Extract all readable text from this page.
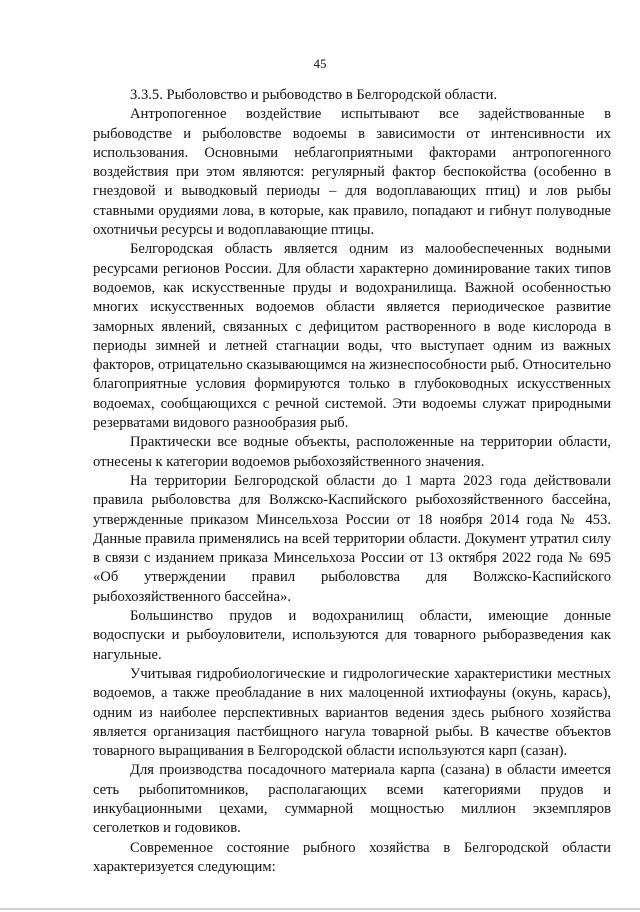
45

3.3.5. Рыболовство и рыбоводство в Белгородской области.

Антропогенное воздействие испытывают все задействованные в рыбоводстве и рыболовстве водоемы в зависимости от интенсивности их использования. Основными неблагоприятными факторами антропогенного воздействия при этом являются: регулярный фактор беспокойства (особенно в гнездовой и выводковый периоды – для водоплавающих птиц) и лов рыбы ставными орудиями лова, в которые, как правило, попадают и гибнут полуводные охотничьи ресурсы и водоплавающие птицы.

Белгородская область является одним из малообеспеченных водными ресурсами регионов России. Для области характерно доминирование таких типов водоемов, как искусственные пруды и водохранилища. Важной особенностью многих искусственных водоемов области является периодическое развитие заморных явлений, связанных с дефицитом растворенного в воде кислорода в периоды зимней и летней стагнации воды, что выступает одним из важных факторов, отрицательно сказывающимся на жизнеспособности рыб. Относительно благоприятные условия формируются только в глубоководных искусственных водоемах, сообщающихся с речной системой. Эти водоемы служат природными резерватами видового разнообразия рыб.

Практически все водные объекты, расположенные на территории области, отнесены к категории водоемов рыбохозяйственного значения.

На территории Белгородской области до 1 марта 2023 года действовали правила рыболовства для Волжско-Каспийского рыбохозяйственного бассейна, утвержденные приказом Минсельхоза России от 18 ноября 2014 года № 453. Данные правила применялись на всей территории области. Документ утратил силу в связи с изданием приказа Минсельхоза России от 13 октября 2022 года № 695 «Об утверждении правил рыболовства для Волжско-Каспийского рыбохозяйственного бассейна».

Большинство прудов и водохранилищ области, имеющие донные водоспуски и рыбоуловители, используются для товарного рыборазведения как нагульные.

Учитывая гидробиологические и гидрологические характеристики местных водоемов, а также преобладание в них малоценной ихтиофауны (окунь, карась), одним из наиболее перспективных вариантов ведения здесь рыбного хозяйства является организация пастбищного нагула товарной рыбы. В качестве объектов товарного выращивания в Белгородской области используются карп (сазан).

Для производства посадочного материала карпа (сазана) в области имеется сеть рыбопитомников, располагающих всеми категориями прудов и инкубационными цехами, суммарной мощностью миллион экземпляров сеголетков и годовиков.

Современное состояние рыбного хозяйства в Белгородской области характеризуется следующим:
